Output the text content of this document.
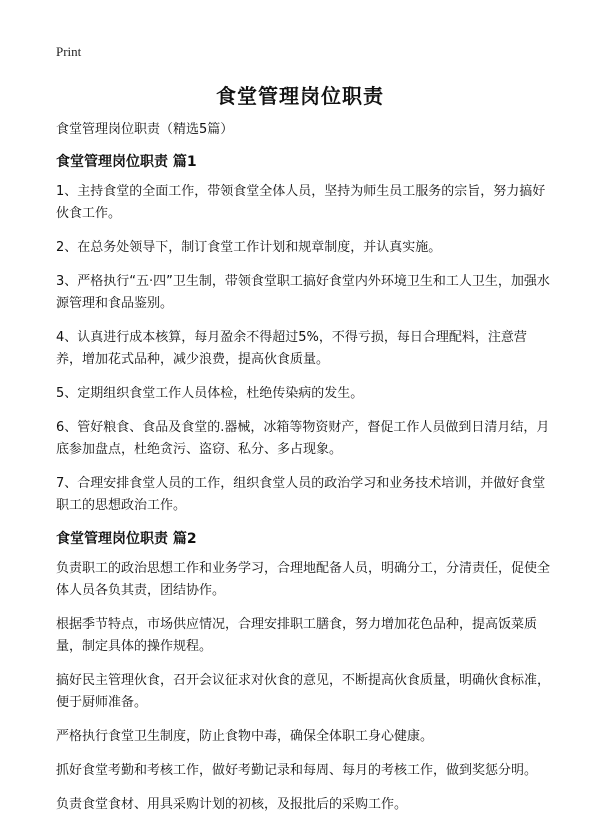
Print
食堂管理岗位职责

食堂管理岗位职责（精选5篇）

食堂管理岗位职责 篇1

1、主持食堂的全面工作，带领食堂全体人员，坚持为师生员工服务的宗旨，努力搞好伙食工作。

2、在总务处领导下，制订食堂工作计划和规章制度，并认真实施。

3、严格执行“五·四”卫生制，带领食堂职工搞好食堂内外环境卫生和工人卫生，加强水源管理和食品鉴别。

4、认真进行成本核算，每月盈余不得超过5%，不得亏损，每日合理配料，注意营养，增加花式品种，减少浪费，提高伙食质量。

5、定期组织食堂工作人员体检，杜绝传染病的发生。

6、管好粮食、食品及食堂的.器械，冰箱等物资财产，督促工作人员做到日清月结，月底参加盘点，杜绝贪污、盗窃、私分、多占现象。

7、合理安排食堂人员的工作，组织食堂人员的政治学习和业务技术培训，并做好食堂职工的思想政治工作。

食堂管理岗位职责 篇2

负责职工的政治思想工作和业务学习，合理地配备人员，明确分工，分清责任，促使全体人员各负其责，团结协作。

根据季节特点，市场供应情况，合理安排职工膳食，努力增加花色品种，提高饭菜质量，制定具体的操作规程。

搞好民主管理伙食，召开会议征求对伙食的意见，不断提高伙食质量，明确伙食标准，便于厨师准备。

严格执行食堂卫生制度，防止食物中毒，确保全体职工身心健康。

抓好食堂考勤和考核工作，做好考勤记录和每周、每月的考核工作，做到奖惩分明。

负责食堂食材、用具采购计划的初核，及报批后的采购工作。
